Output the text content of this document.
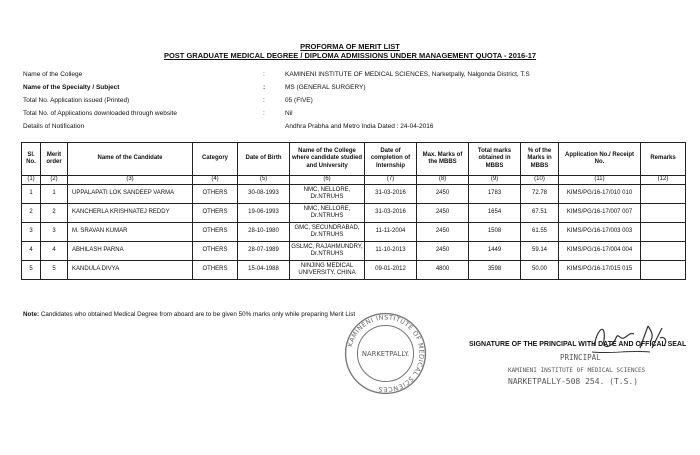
PROFORMA OF MERIT LIST
POST GRADUATE MEDICAL DEGREE / DIPLOMA ADMISSIONS UNDER MANAGEMENT QUOTA - 2016-17
Name of the College	:	KAMINENI INSTITUTE OF MEDICAL SCIENCES, Narketpally, Nalgonda District, T.S
Name of the Specialty / Subject	:	MS (GENERAL SURGERY)
Total No. Application issued (Printed)	:	05 (FIVE)
Total No. of Applications downloaded through website	:	Nil
Details of Notification	Andhra Prabha and Metro India Dated : 24-04-2016
Sl. No.	Merit order	Name of the Candidate	Category	Date of Birth	Name of the College where candidate studied and University	Date of completion of Internship	Max. Marks of the MBBS	Total marks obtained in MBBS	% of the Marks in MBBS	Application No./ Receipt No.	Remarks
(1)	(2)	(3)	(4)	(5)	(6)	(7)	(8)	(9)	(10)	(11)	(12)
1	1	UPPALAPATI LOK SANDEEP VARMA	OTHERS	30-08-1993	NMC, NELLORE, Dr.NTRUHS	31-03-2016	2450	1783	72.78	KIMS/PG/16-17/010 010	
2	2	KANCHERLA KRISHNATEJ REDDY	OTHERS	19-06-1993	NMC, NELLORE, Dr.NTRUHS	31-03-2016	2450	1654	67.51	KIMS/PG/16-17/007 007	
3	3	M. SRAVAN KUMAR	OTHERS	28-10-1980	GMC, SECUNDRABAD, Dr.NTRUHS	11-11-2004	2450	1508	61.55	KIMS/PG/16-17/003 003	
4	4	ABHILASH PARNA	OTHERS	28-07-1989	GSLMC, RAJAHMUNDRY, Dr.NTRUHS	11-10-2013	2450	1449	59.14	KIMS/PG/16-17/004 004	
5	5	KANDULA DIVYA	OTHERS	15-04-1988	NINJING MEDICAL UNIVERSITY, CHINA	09-01-2012	4800	3598	50.00	KIMS/PG/16-17/015 015	
Note: Candidates who obtained Medical Degree from aboard are to be given 50% marks only while preparing Merit List
KAMINENI INSTITUTE OF MEDICAL SCIENCES
NARKETPALLY.
SIGNATURE OF THE PRINCIPAL WITH DATE AND OFFICAL SEAL
PRINCIPAL
KAMINENI INSTITUTE OF MEDICAL SCIENCES
NARKETPALLY-508 254. (T.S.)
